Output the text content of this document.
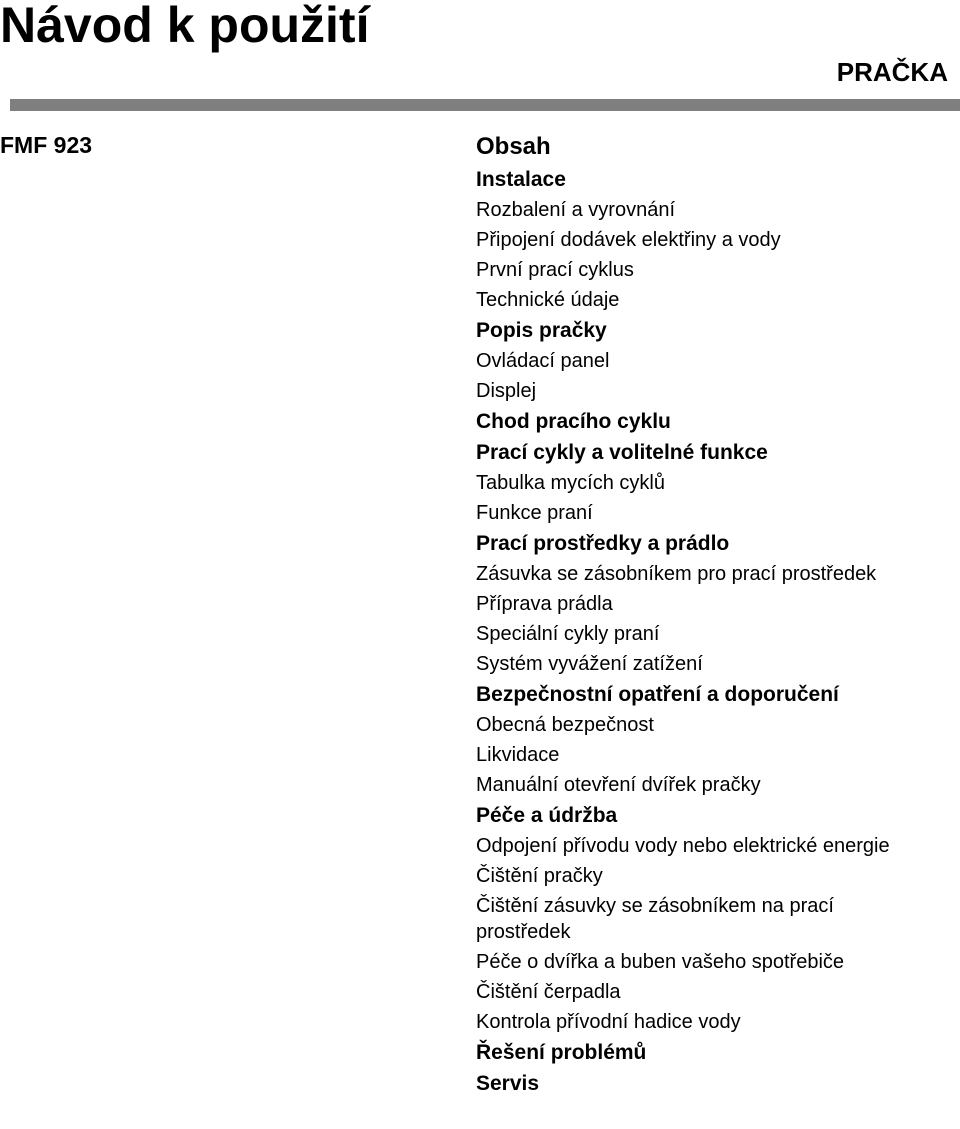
Návod k použití
PRAČKA
FMF 923	Obsah
Instalace
Rozbalení a vyrovnání
Připojení dodávek elektřiny a vody
První prací cyklus
Technické údaje
Popis pračky
Ovládací panel
Displej
Chod pracího cyklu
Prací cykly a volitelné funkce
Tabulka mycích cyklů
Funkce praní
Prací prostředky a prádlo
Zásuvka se zásobníkem pro prací prostředek
Příprava prádla
Speciální cykly praní
Systém vyvážení zatížení
Bezpečnostní opatření a doporučení
Obecná bezpečnost
Likvidace
Manuální otevření dvířek pračky
Péče a údržba
Odpojení přívodu vody nebo elektrické energie
Čištění pračky
Čištění zásuvky se zásobníkem na prací prostředek
Péče o dvířka a buben vašeho spotřebiče
Čištění čerpadla
Kontrola přívodní hadice vody
Řešení problémů
Servis
